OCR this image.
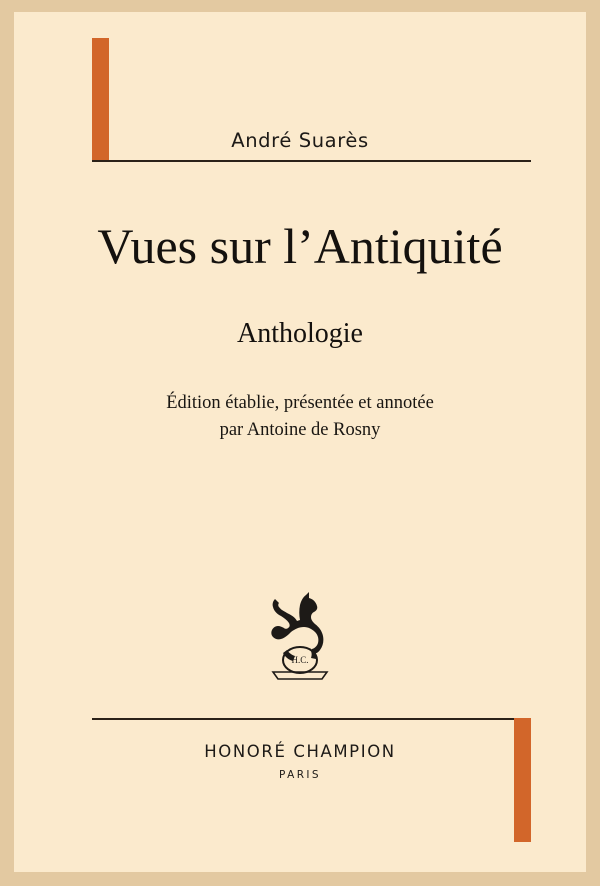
André Suarès
Vues sur l’Antiquité
Anthologie
Édition établie, présentée et annotée
par Antoine de Rosny
H.C.
HONORÉ CHAMPION
PARIS
